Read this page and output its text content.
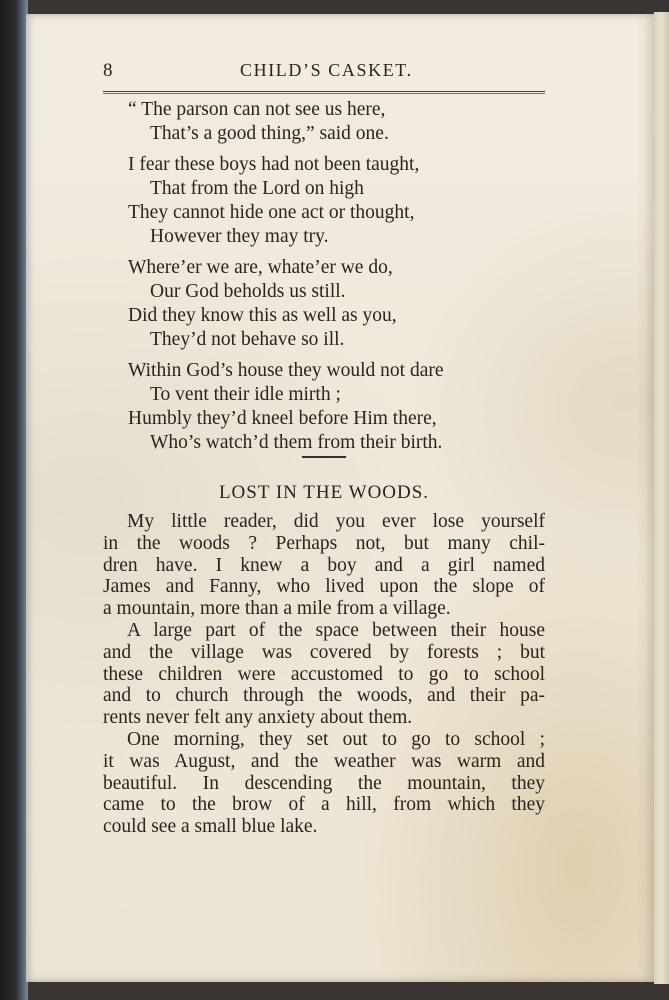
8	CHILD’S CASKET.
“ The parson can not see us here,
That’s a good thing,” said one.
I fear these boys had not been taught,
That from the Lord on high
They cannot hide one act or thought,
However they may try.
Where’er we are, whate’er we do,
Our God beholds us still.
Did they know this as well as you,
They’d not behave so ill.
Within God’s house they would not dare
To vent their idle mirth ;
Humbly they’d kneel before Him there,
Who’s watch’d them from their birth.
LOST IN THE WOODS.
My little reader, did you ever lose yourself
in the woods ? Perhaps not, but many chil-
dren have. I knew a boy and a girl named
James and Fanny, who lived upon the slope of
a mountain, more than a mile from a village.
A large part of the space between their house
and the village was covered by forests ; but
these children were accustomed to go to school
and to church through the woods, and their pa-
rents never felt any anxiety about them.
One morning, they set out to go to school ;
it was August, and the weather was warm and
beautiful. In descending the mountain, they
came to the brow of a hill, from which they
could see a small blue lake.
